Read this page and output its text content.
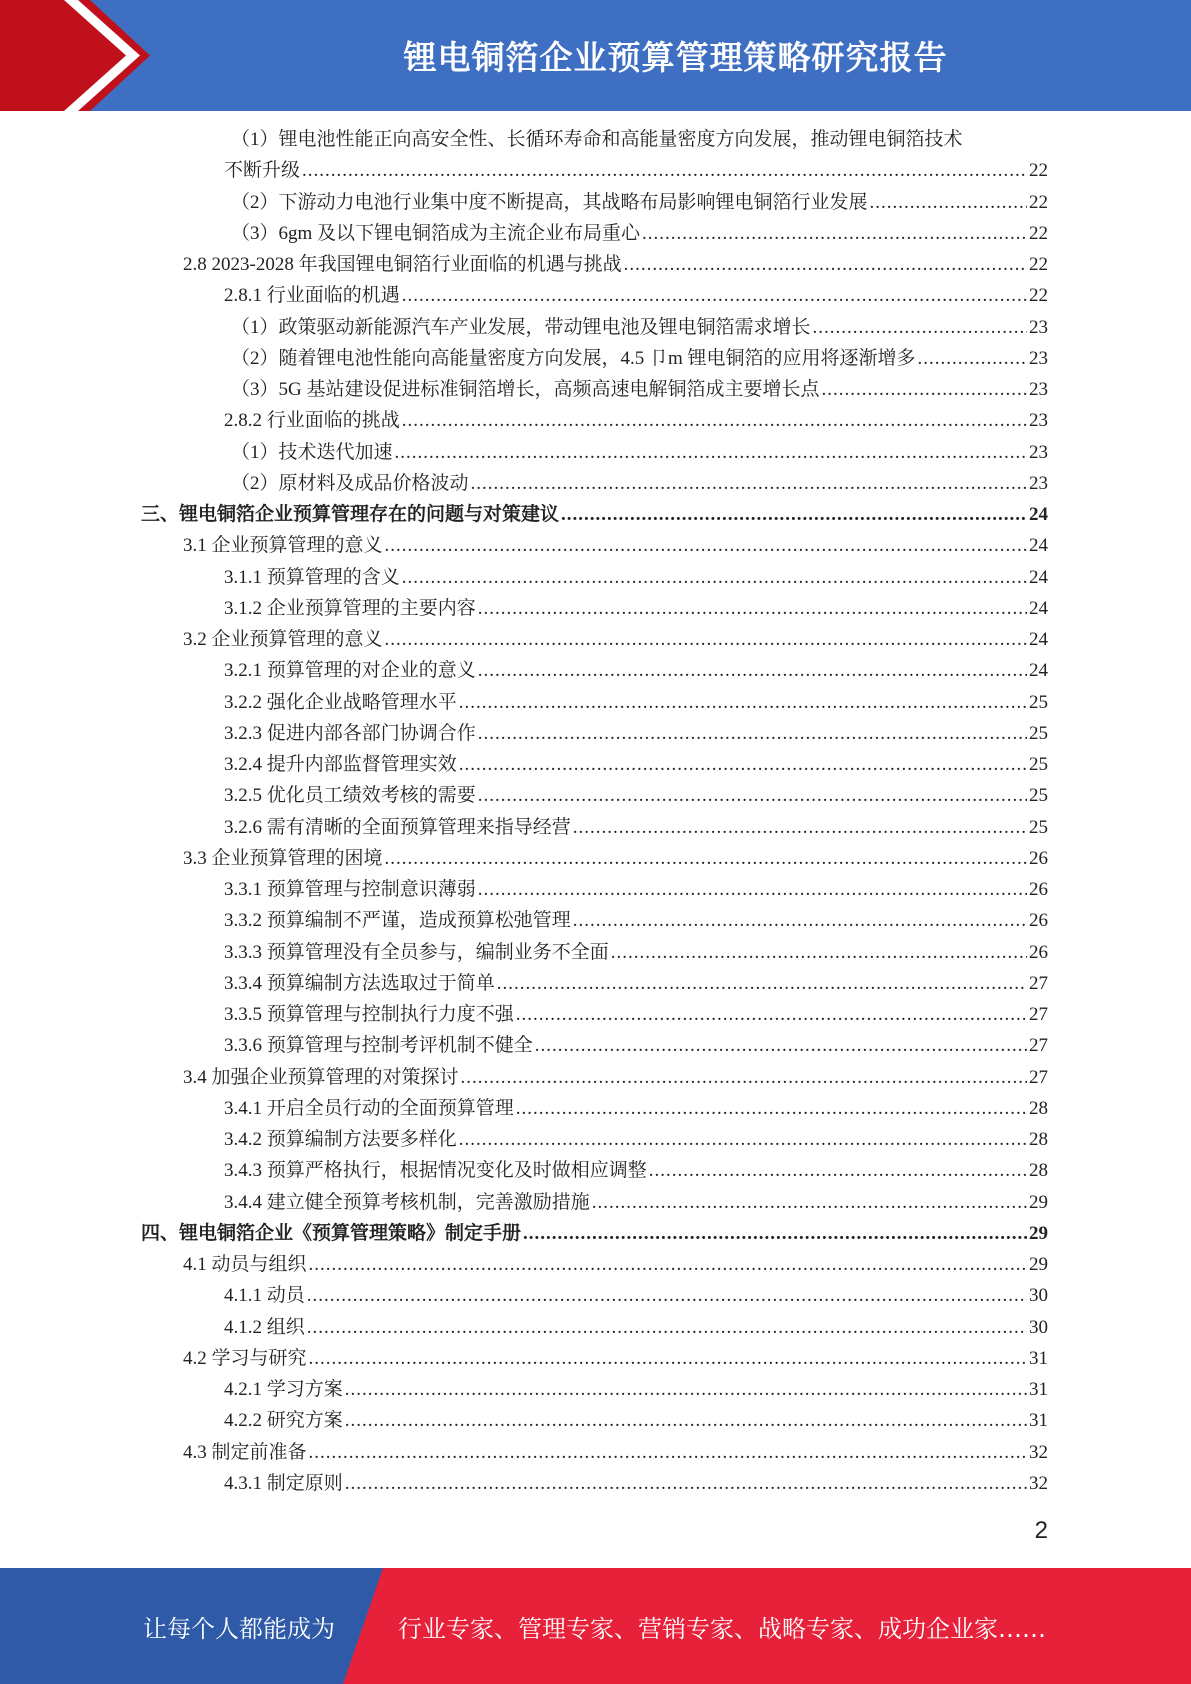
锂电铜箔企业预算管理策略研究报告
（1）锂电池性能正向高安全性、长循环寿命和高能量密度方向发展，推动锂电铜箔技术
不断升级 .....	22
（2）下游动力电池行业集中度不断提高，其战略布局影响锂电铜箔行业发展 .....	22
（3）6gm 及以下锂电铜箔成为主流企业布局重心 .....	22
2.8 2023-2028 年我国锂电铜箔行业面临的机遇与挑战 .....	22
2.8.1 行业面临的机遇 .....	22
（1）政策驱动新能源汽车产业发展，带动锂电池及锂电铜箔需求增长 .....	23
（2）随着锂电池性能向高能量密度方向发展，4.5 卩m 锂电铜箔的应用将逐渐增多 .....	23
（3）5G 基站建设促进标准铜箔增长，高频高速电解铜箔成主要增长点 .....	23
2.8.2 行业面临的挑战 .....	23
（1）技术迭代加速 .....	23
（2）原材料及成品价格波动 .....	23
三、锂电铜箔企业预算管理存在的问题与对策建议 .....	24
3.1 企业预算管理的意义 .....	24
3.1.1 预算管理的含义 .....	24
3.1.2 企业预算管理的主要内容 .....	24
3.2 企业预算管理的意义 .....	24
3.2.1 预算管理的对企业的意义 .....	24
3.2.2 强化企业战略管理水平 .....	25
3.2.3 促进内部各部门协调合作 .....	25
3.2.4 提升内部监督管理实效 .....	25
3.2.5 优化员工绩效考核的需要 .....	25
3.2.6 需有清晰的全面预算管理来指导经营 .....	25
3.3 企业预算管理的困境 .....	26
3.3.1 预算管理与控制意识薄弱 .....	26
3.3.2 预算编制不严谨，造成预算松弛管理 .....	26
3.3.3 预算管理没有全员参与，编制业务不全面 .....	26
3.3.4 预算编制方法选取过于简单 .....	27
3.3.5 预算管理与控制执行力度不强 .....	27
3.3.6 预算管理与控制考评机制不健全 .....	27
3.4 加强企业预算管理的对策探讨 .....	27
3.4.1 开启全员行动的全面预算管理 .....	28
3.4.2 预算编制方法要多样化 .....	28
3.4.3 预算严格执行，根据情况变化及时做相应调整 .....	28
3.4.4 建立健全预算考核机制，完善激励措施 .....	29
四、锂电铜箔企业《预算管理策略》制定手册 .....	29
4.1 动员与组织 .....	29
4.1.1 动员 .....	30
4.1.2 组织 .....	30
4.2 学习与研究 .....	31
4.2.1 学习方案 .....	31
4.2.2 研究方案 .....	31
4.3 制定前准备 .....	32
4.3.1 制定原则 .....	32
2
让每个人都能成为	行业专家、管理专家、营销专家、战略专家、成功企业家……
